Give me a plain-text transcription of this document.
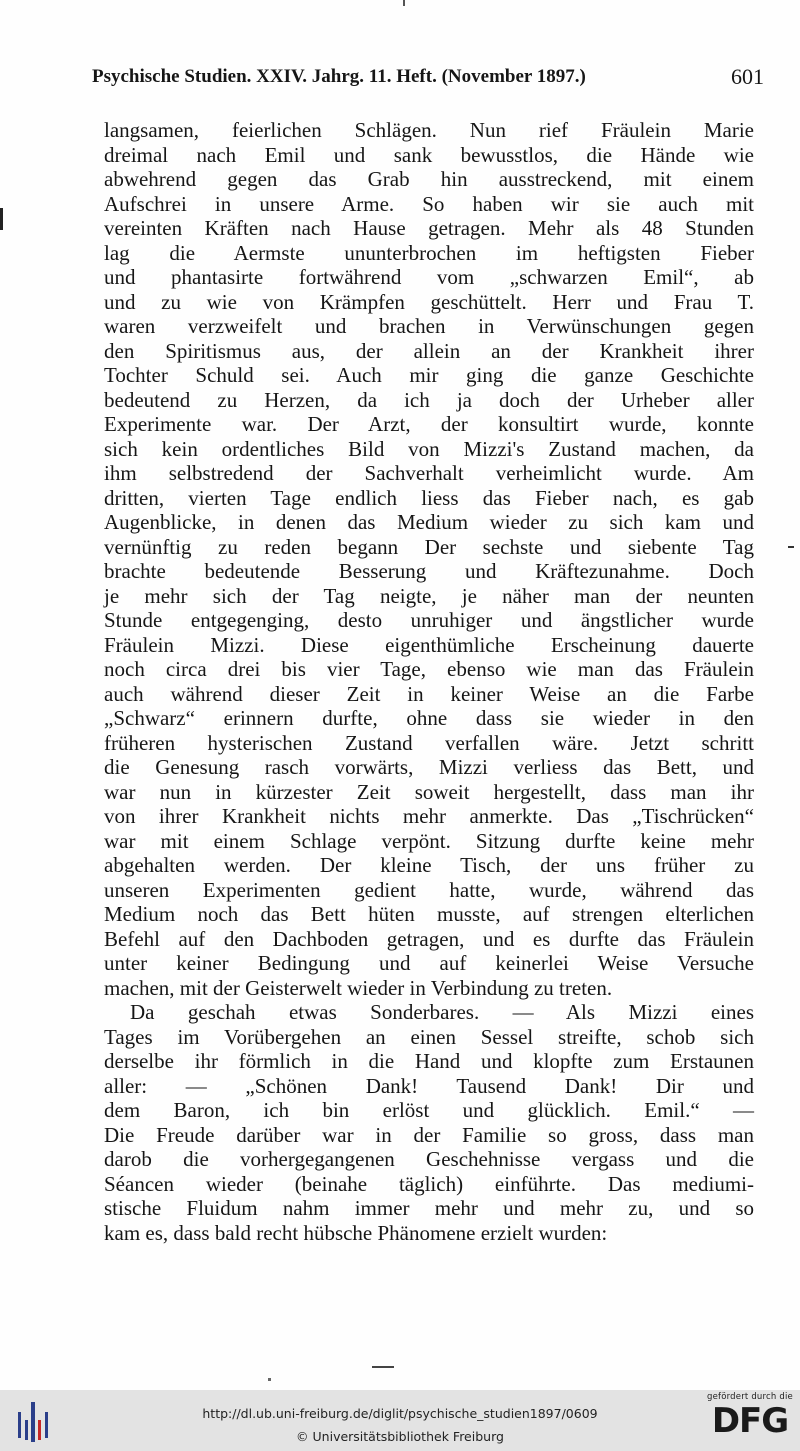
Psychische Studien. XXIV. Jahrg. 11. Heft. (November 1897.)	601

langsamen, feierlichen Schlägen. Nun rief Fräulein Marie

dreimal nach Emil und sank bewusstlos, die Hände wie

abwehrend gegen das Grab hin ausstreckend, mit einem

Aufschrei in unsere Arme. So haben wir sie auch mit

vereinten Kräften nach Hause getragen. Mehr als 48 Stunden

lag die Aermste ununterbrochen im heftigsten Fieber

und phantasirte fortwährend vom „schwarzen Emil“, ab

und zu wie von Krämpfen geschüttelt. Herr und Frau T.

waren verzweifelt und brachen in Verwünschungen gegen

den Spiritismus aus, der allein an der Krankheit ihrer

Tochter Schuld sei. Auch mir ging die ganze Geschichte

bedeutend zu Herzen, da ich ja doch der Urheber aller

Experimente war. Der Arzt, der konsultirt wurde, konnte

sich kein ordentliches Bild von Mizzi's Zustand machen, da

ihm selbstredend der Sachverhalt verheimlicht wurde. Am

dritten, vierten Tage endlich liess das Fieber nach, es gab

Augenblicke, in denen das Medium wieder zu sich kam und

vernünftig zu reden begann Der sechste und siebente Tag

brachte bedeutende Besserung und Kräftezunahme. Doch

je mehr sich der Tag neigte, je näher man der neunten

Stunde entgegenging, desto unruhiger und ängstlicher wurde

Fräulein Mizzi. Diese eigenthümliche Erscheinung dauerte

noch circa drei bis vier Tage, ebenso wie man das Fräulein

auch während dieser Zeit in keiner Weise an die Farbe

„Schwarz“ erinnern durfte, ohne dass sie wieder in den

früheren hysterischen Zustand verfallen wäre. Jetzt schritt

die Genesung rasch vorwärts, Mizzi verliess das Bett, und

war nun in kürzester Zeit soweit hergestellt, dass man ihr

von ihrer Krankheit nichts mehr anmerkte. Das „Tischrücken“

war mit einem Schlage verpönt. Sitzung durfte keine mehr

abgehalten werden. Der kleine Tisch, der uns früher zu

unseren Experimenten gedient hatte, wurde, während das

Medium noch das Bett hüten musste, auf strengen elterlichen

Befehl auf den Dachboden getragen, und es durfte das Fräulein

unter keiner Bedingung und auf keinerlei Weise Versuche

machen, mit der Geisterwelt wieder in Verbindung zu treten.

Da geschah etwas Sonderbares. — Als Mizzi eines

Tages im Vorübergehen an einen Sessel streifte, schob sich

derselbe ihr förmlich in die Hand und klopfte zum Erstaunen

aller: — „Schönen Dank! Tausend Dank! Dir und

dem Baron, ich bin erlöst und glücklich. Emil.“ —

Die Freude darüber war in der Familie so gross, dass man

darob die vorhergegangenen Geschehnisse vergass und die

Séancen wieder (beinahe täglich) einführte. Das mediumi-

stische Fluidum nahm immer mehr und mehr zu, und so

kam es, dass bald recht hübsche Phänomene erzielt wurden:

http://dl.ub.uni-freiburg.de/diglit/psychische_studien1897/0609
© Universitätsbibliothek Freiburg
gefördert durch die
DFG
